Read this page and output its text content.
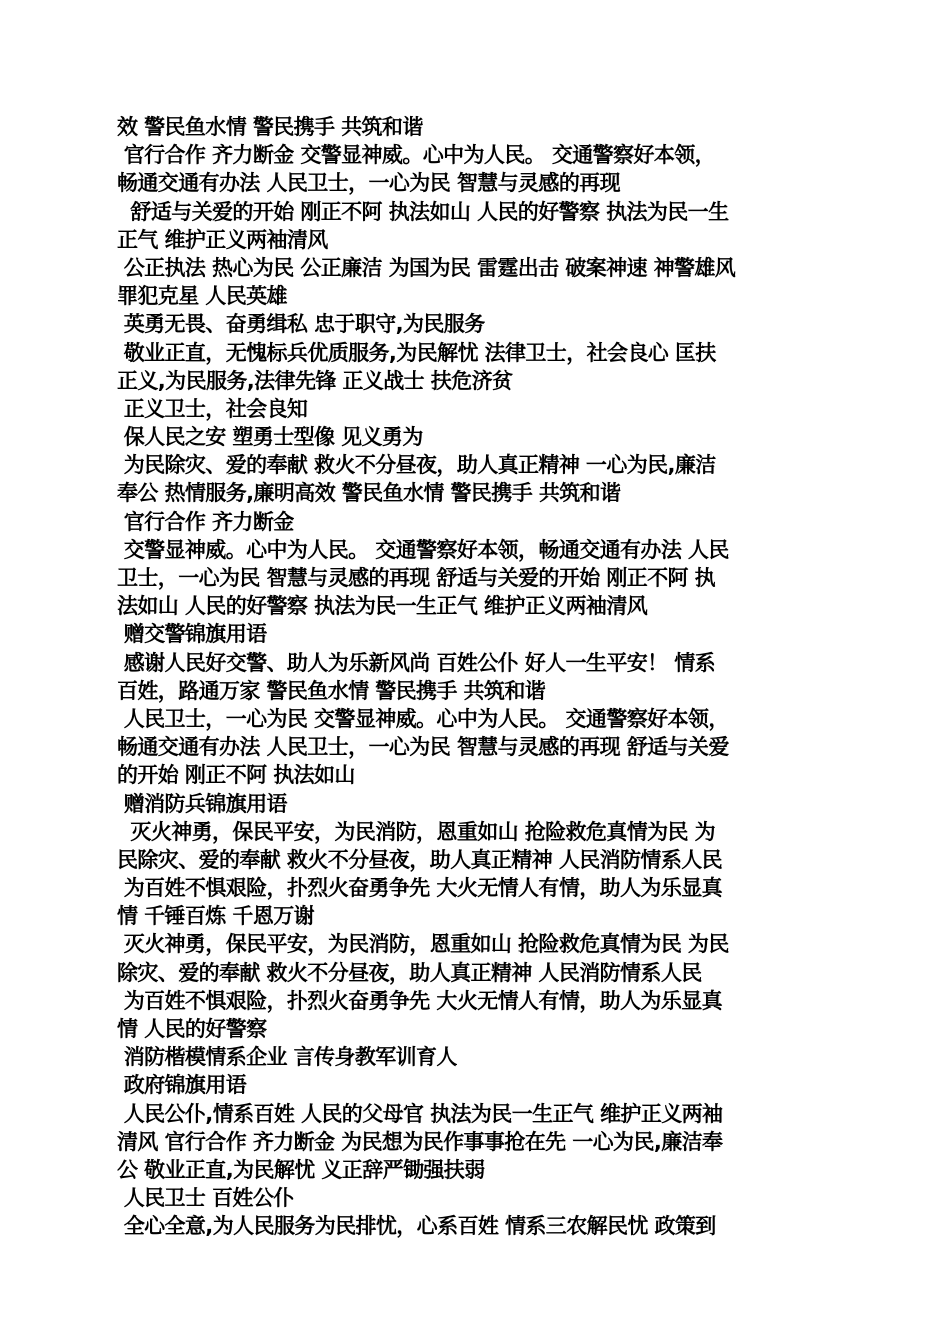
效 警民鱼水情 警民携手 共筑和谐
官行合作 齐力断金 交警显神威。心中为人民。 交通警察好本领，
畅通交通有办法 人民卫士，一心为民 智慧与灵感的再现
舒适与关爱的开始 刚正不阿 执法如山 人民的好警察 执法为民一生
正气 维护正义两袖清风
公正执法 热心为民 公正廉洁 为国为民 雷霆出击 破案神速 神警雄风
罪犯克星 人民英雄
英勇无畏、奋勇缉私 忠于职守,为民服务
敬业正直，无愧标兵优质服务,为民解忧 法律卫士，社会良心 匡扶
正义,为民服务,法律先锋 正义战士 扶危济贫
正义卫士，社会良知
保人民之安 塑勇士型像 见义勇为
为民除灾、爱的奉献 救火不分昼夜，助人真正精神 一心为民,廉洁
奉公 热情服务,廉明高效 警民鱼水情 警民携手 共筑和谐
官行合作 齐力断金
交警显神威。心中为人民。 交通警察好本领，畅通交通有办法 人民
卫士，一心为民 智慧与灵感的再现 舒适与关爱的开始 刚正不阿 执
法如山 人民的好警察 执法为民一生正气 维护正义两袖清风
赠交警锦旗用语
感谢人民好交警、助人为乐新风尚 百姓公仆 好人一生平安！ 情系
百姓，路通万家 警民鱼水情 警民携手 共筑和谐
人民卫士，一心为民 交警显神威。心中为人民。 交通警察好本领，
畅通交通有办法 人民卫士，一心为民 智慧与灵感的再现 舒适与关爱
的开始 刚正不阿 执法如山
赠消防兵锦旗用语
灭火神勇，保民平安，为民消防，恩重如山 抢险救危真情为民 为
民除灾、爱的奉献 救火不分昼夜，助人真正精神 人民消防情系人民
为百姓不惧艰险，扑烈火奋勇争先 大火无情人有情，助人为乐显真
情 千锤百炼 千恩万谢
灭火神勇，保民平安，为民消防，恩重如山 抢险救危真情为民 为民
除灾、爱的奉献 救火不分昼夜，助人真正精神 人民消防情系人民
为百姓不惧艰险，扑烈火奋勇争先 大火无情人有情，助人为乐显真
情 人民的好警察
消防楷模情系企业 言传身教军训育人
政府锦旗用语
人民公仆,情系百姓 人民的父母官 执法为民一生正气 维护正义两袖
清风 官行合作 齐力断金 为民想为民作事事抢在先 一心为民,廉洁奉
公 敬业正直,为民解忧 义正辞严锄强扶弱
人民卫士 百姓公仆
全心全意,为人民服务为民排忧，心系百姓 情系三农解民忧 政策到
